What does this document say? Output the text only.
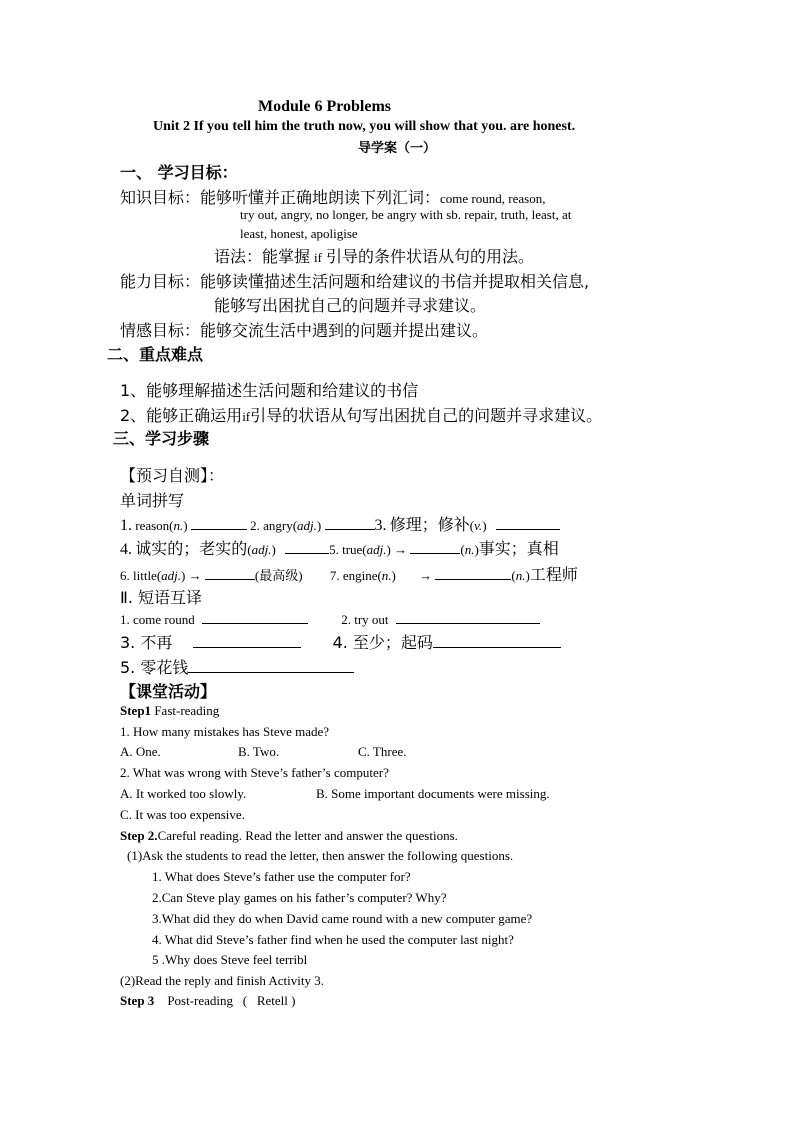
Module 6 Problems
Unit 2 If you tell him the truth now, you will show that you. are honest.
导学案（一）
一、 学习目标：
知识目标：能够听懂并正确地朗读下列汇词：come round, reason,
try out, angry, no longer, be angry with sb. repair, truth, least, at
least, honest, apoligise
语法：能掌握 if 引导的条件状语从句的用法。
能力目标：能够读懂描述生活问题和给建议的书信并提取相关信息,
能够写出困扰自己的问题并寻求建议。
情感目标：能够交流生活中遇到的问题并提出建议。
二、重点难点
1、能够理解描述生活问题和给建议的书信
2、能够正确运用if引导的状语从句写出困扰自己的问题并寻求建议。
三、学习步骤
【预习自测】：
单词拼写
1. reason(n.)	2. angry(adj.)	3. 修理；修补(v.)
4. 诚实的；老实的(adj.)	5. true(adj.) →	(n.)事实；真相
6. little(adj.) →	(最高级) 7. engine(n.) →	(n.)工程师
Ⅱ. 短语互译
1. come round	2. try out
3. 不再	4. 至少；起码
5. 零花钱
【课堂活动】
Step1 Fast-reading
1. How many mistakes has Steve made?
A. One.	B. Two.	C. Three.
2. What was wrong with Steve’s father’s computer?
A. It worked too slowly.	B. Some important documents were missing.
C. It was too expensive.
Step 2.Careful reading. Read the letter and answer the questions.
(1)Ask the students to read the letter, then answer the following questions.
1. What does Steve’s father use the computer for?
2.Can Steve play games on his father’s computer? Why?
3.What did they do when David came round with a new computer game?
4. What did Steve’s father find when he used the computer last night?
5 .Why does Steve feel terribl
(2)Read the reply and finish Activity 3.
Step 3    Post-reading   (   Retell )
